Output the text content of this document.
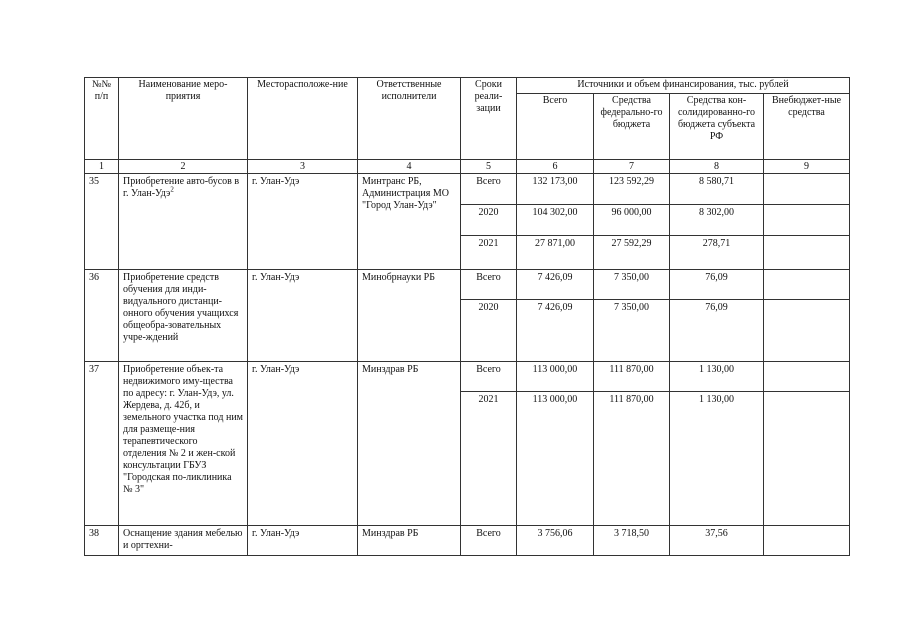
№№ п/п	Наименование меро-приятия	Месторасположе-ние	Ответственные исполнители	Сроки реали-зации	Источники и объем финансирования, тыс. рублей			
					Всего	Средства федерально-го бюджета	Средства кон-солидированно-го бюджета субъекта РФ	Внебюджет-ные средства
1	2	3	4	5	6	7	8	9
35	Приобретение авто-бусов в г. Улан-Удэ$^2$	г. Улан-Удэ	Минтранс РБ, Администрация МО "Город Улан-Удэ"	Всего	132 173,00	123 592,29	8 580,71	
				2020	104 302,00	96 000,00	8 302,00	
				2021	27 871,00	27 592,29	278,71	
36	Приобретение средств обучения для инди-видуального дистанци-онного обучения учащихся общеобра-зовательных учре-ждений	г. Улан-Удэ	Минобрнауки РБ	Всего	7 426,09	7 350,00	76,09	
				2020	7 426,09	7 350,00	76,09	
37	Приобретение объек-та недвижимого иму-щества по адресу: г. Улан-Удэ, ул. Жердева, д. 42б, и земельного участка под ним для размеще-ния терапевтического отделения № 2 и жен-ской консультации ГБУЗ "Городская по-ликлиника № 3"	г. Улан-Удэ	Минздрав РБ	Всего	113 000,00	111 870,00	1 130,00	
				2021	113 000,00	111 870,00	1 130,00	
38	Оснащение здания мебелью и оргтехни-	г. Улан-Удэ	Минздрав РБ	Всего	3 756,06	3 718,50	37,56	
